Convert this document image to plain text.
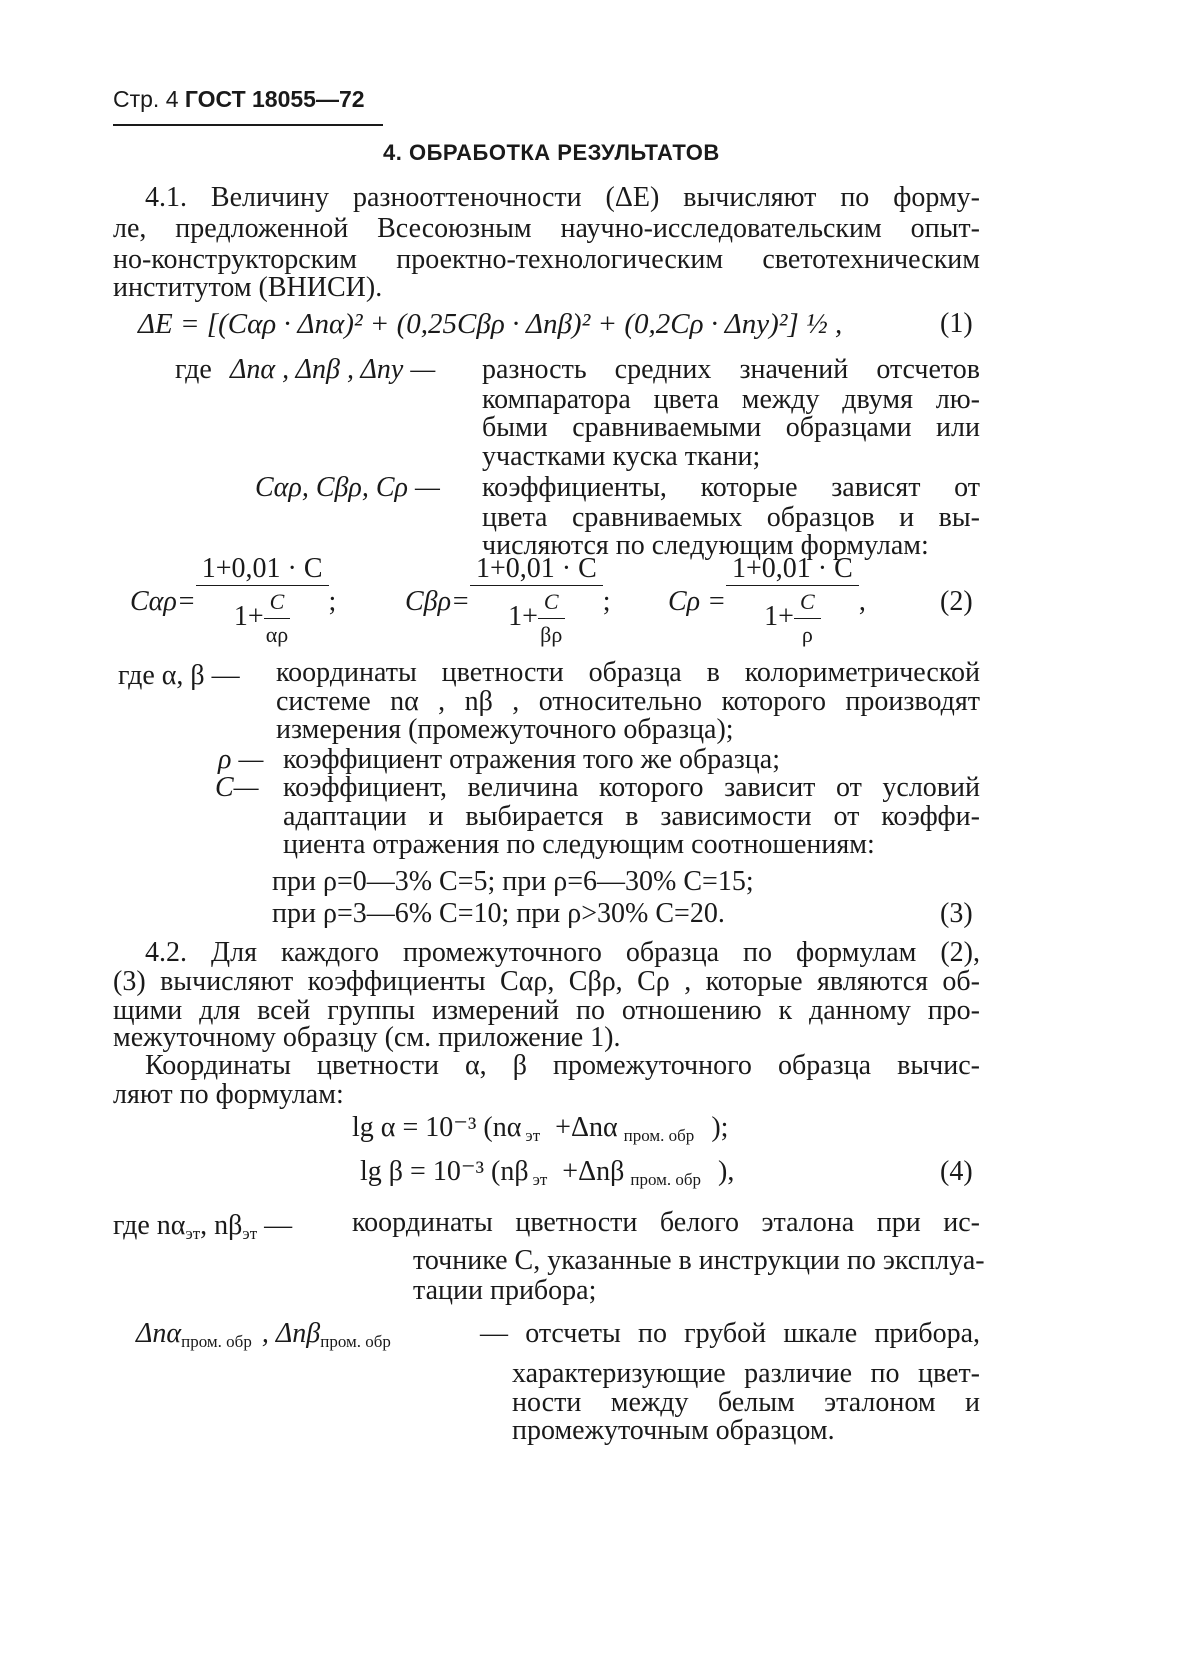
Стр. 4 ГОСТ 18055—72
4. ОБРАБОТКА РЕЗУЛЬТАТОВ
4.1. Величину разнооттеночности (ΔE) вычисляют по форму-
ле, предложенной Всесоюзным научно-исследовательским опыт-
но-конструкторским проектно-технологическим светотехническим
институтом (ВНИСИ).
ΔE = [(Cαρ · Δnα)² + (0,25Cβρ · Δnβ)² + (0,2Cρ · Δny)²] ½ ,	(1)
где Δnα , Δnβ , Δny — разность средних значений отсчетов
компаратора цвета между двумя лю-
быми сравниваемыми образцами или
участками куска ткани;
Cαρ, Cβρ, Cρ — коэффициенты, которые зависят от
цвета сравниваемых образцов и вы-
числяются по следующим формулам:
$C\alpha\rho= \frac{1+0,01 \cdot C}{1+ \frac{C}{\alpha\rho}}$ ; $C\beta\rho= \frac{1+0,01 \cdot C}{1+ \frac{C}{\beta\rho}}$ ; $C\rho = \frac{1+0,01 \cdot C}{1+ \frac{C}{\rho}}$ ,	(2)
где α, β — координаты цветности образца в колориметрической
системе nα , nβ , относительно которого производят
измерения (промежуточного образца);
ρ — коэффициент отражения того же образца;
C— коэффициент, величина которого зависит от условий
адаптации и выбирается в зависимости от коэффи-
циента отражения по следующим соотношениям:
при ρ=0—3% C=5; при ρ=6—30% C=15;
при ρ=3—6% C=10; при ρ>30% C=20.	(3)
4.2. Для каждого промежуточного образца по формулам (2),
(3) вычисляют коэффициенты Cαρ, Cβρ, Cρ , которые являются об-
щими для всей группы измерений по отношению к данному про-
межуточному образцу (см. приложение 1).
Координаты цветности α, β промежуточного образца вычис-
ляют по формулам:
lg α = 10⁻³ (nα $_{эт}$ +Δnα $_{пром. обр}$ );
lg β = 10⁻³ (nβ $_{эт}$ +Δnβ $_{пром. обр}$ ),	(4)
где $n\alpha_{эт}$, $n\beta_{эт}$ — координаты цветности белого эталона при ис-
точнике C, указанные в инструкции по эксплуа-
тации прибора;
Δnα$_{пром. обр}$ , Δnβ$_{пром. обр}$	— отсчеты по грубой шкале прибора,
характеризующие различие по цвет-
ности между белым эталоном и
промежуточным образцом.
